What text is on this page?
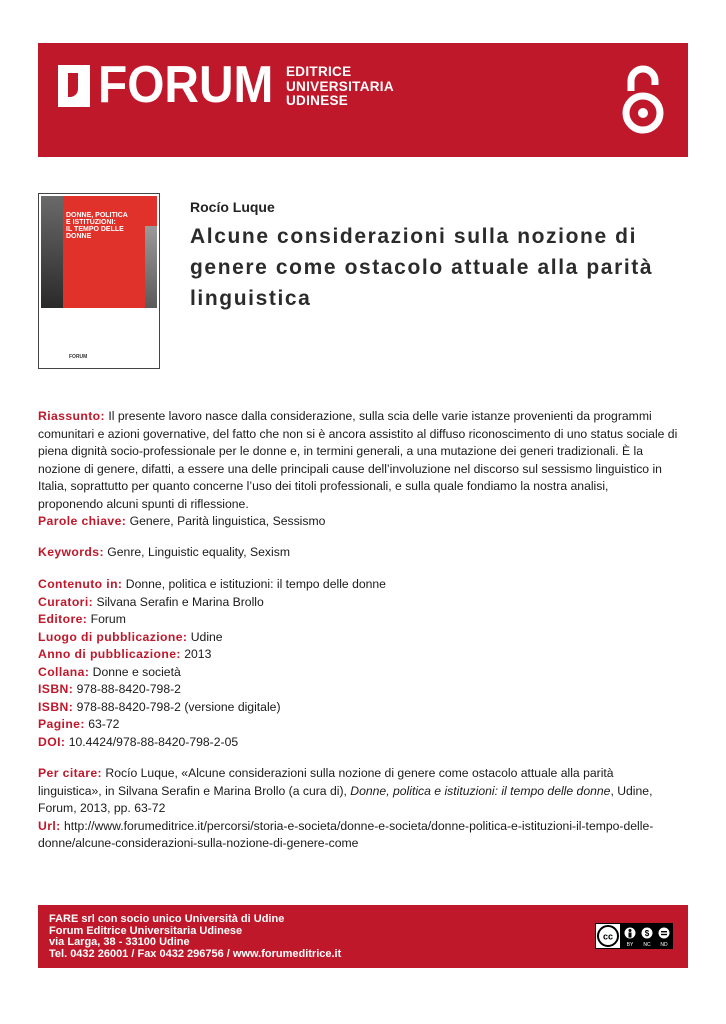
FORUM EDITRICE
UNIVERSITARIA
UDINESE
DONNE, POLITICA
E ISTITUZIONI:
IL TEMPO DELLE
DONNE
FORUM
Rocío Luque
Alcune considerazioni sulla nozione di genere come ostacolo attuale alla parità linguistica
Riassunto: Il presente lavoro nasce dalla considerazione, sulla scia delle varie istanze provenienti da programmi
comunitari e azioni governative, del fatto che non si è ancora assistito al diffuso riconoscimento di uno status sociale di
piena dignità socio-professionale per le donne e, in termini generali, a una mutazione dei generi tradizionali. È la
nozione di genere, difatti, a essere una delle principali cause dell’involuzione nel discorso sul sessismo linguistico in
Italia, soprattutto per quanto concerne l’uso dei titoli professionali, e sulla quale fondiamo la nostra analisi,
proponendo alcuni spunti di riflessione.
Parole chiave: Genere, Parità linguistica, Sessismo
Keywords: Genre, Linguistic equality, Sexism
Contenuto in: Donne, politica e istituzioni: il tempo delle donne
Curatori: Silvana Serafin e Marina Brollo
Editore: Forum
Luogo di pubblicazione: Udine
Anno di pubblicazione: 2013
Collana: Donne e società
ISBN: 978-88-8420-798-2
ISBN: 978-88-8420-798-2 (versione digitale)
Pagine: 63-72
DOI: 10.4424/978-88-8420-798-2-05
Per citare: Rocío Luque, «Alcune considerazioni sulla nozione di genere come ostacolo attuale alla parità
linguistica», in Silvana Serafin e Marina Brollo (a cura di), Donne, politica e istituzioni: il tempo delle donne, Udine,
Forum, 2013, pp. 63-72
Url: http://www.forumeditrice.it/percorsi/storia-e-societa/donne-e-societa/donne-politica-e-istituzioni-il-tempo-delle-
donne/alcune-considerazioni-sulla-nozione-di-genere-come
FARE srl con socio unico Università di Udine
Forum Editrice Universitaria Udinese
via Larga, 38 - 33100 Udine
Tel. 0432 26001 / Fax 0432 296756 / www.forumeditrice.it
cc	$
BY NC ND
